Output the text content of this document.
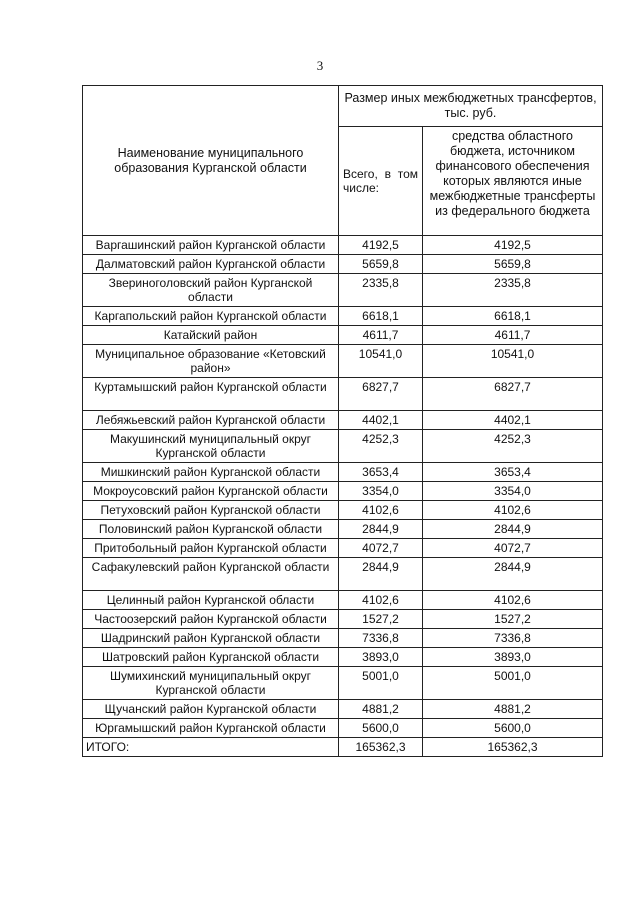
3
Наименование муниципального образования Курганской области	Размер иных межбюджетных трансфертов, тыс. руб.	
	Всего, в том числе:	средства областного бюджета, источником финансового обеспечения которых являются иные межбюджетные трансферты из федерального бюджета
Варгашинский район Курганской области	4192,5	4192,5
Далматовский район Курганской области	5659,8	5659,8
Звериноголовский район Курганской области	2335,8	2335,8
Каргапольский район Курганской области	6618,1	6618,1
Катайский район	4611,7	4611,7
Муниципальное образование «Кетовский район»	10541,0	10541,0
Куртамышский район Курганской области	6827,7	6827,7
Лебяжьевский район Курганской области	4402,1	4402,1
Макушинский муниципальный округ Курганской области	4252,3	4252,3
Мишкинский район Курганской области	3653,4	3653,4
Мокроусовский район Курганской области	3354,0	3354,0
Петуховский район Курганской области	4102,6	4102,6
Половинский район Курганской области	2844,9	2844,9
Притобольный район Курганской области	4072,7	4072,7
Сафакулевский район Курганской области	2844,9	2844,9
Целинный район Курганской области	4102,6	4102,6
Частоозерский район Курганской области	1527,2	1527,2
Шадринский район Курганской области	7336,8	7336,8
Шатровский район Курганской области	3893,0	3893,0
Шумихинский муниципальный округ Курганской области	5001,0	5001,0
Щучанский район Курганской области	4881,2	4881,2
Юргамышский район Курганской области	5600,0	5600,0
ИТОГО:	165362,3	165362,3
